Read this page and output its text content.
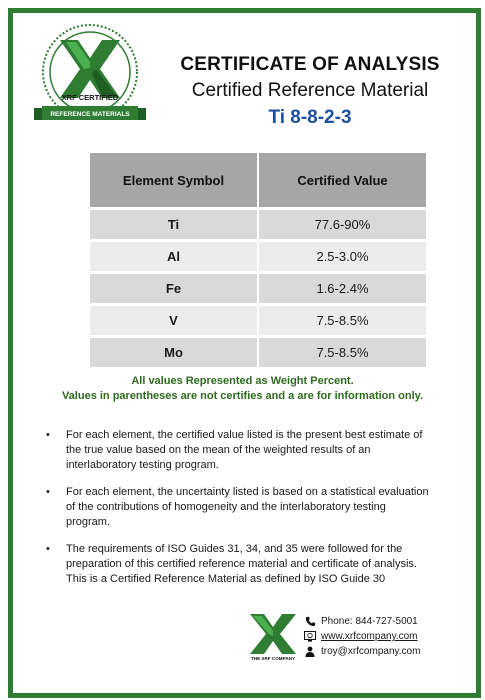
XRF CERTIFIED
REFERENCE MATERIALS
CERTIFICATE OF ANALYSIS
Certified Reference Material
Ti 8-8-2-3
Element Symbol	Certified Value
Ti	77.6-90%
Al	2.5-3.0%
Fe	1.6-2.4%
V	7.5-8.5%
Mo	7.5-8.5%
All values Represented as Weight Percent.
Values in parentheses are not certifies and a are for information only.
• For each element, the certified value listed is the present best estimate of the true value based on the mean of the weighted results of an interlaboratory testing program.
• For each element, the uncertainty listed is based on a statistical evaluation of the contributions of homogeneity and the interlaboratory testing program.
• The requirements of ISO Guides 31, 34, and 35 were followed for the preparation of this certified reference material and certificate of analysis. This is a Certified Reference Material as defined by ISO Guide 30
THE XRF COMPANY
Phone: 844-727-5001
www.xrfcompany.com
troy@xrfcompany.com
